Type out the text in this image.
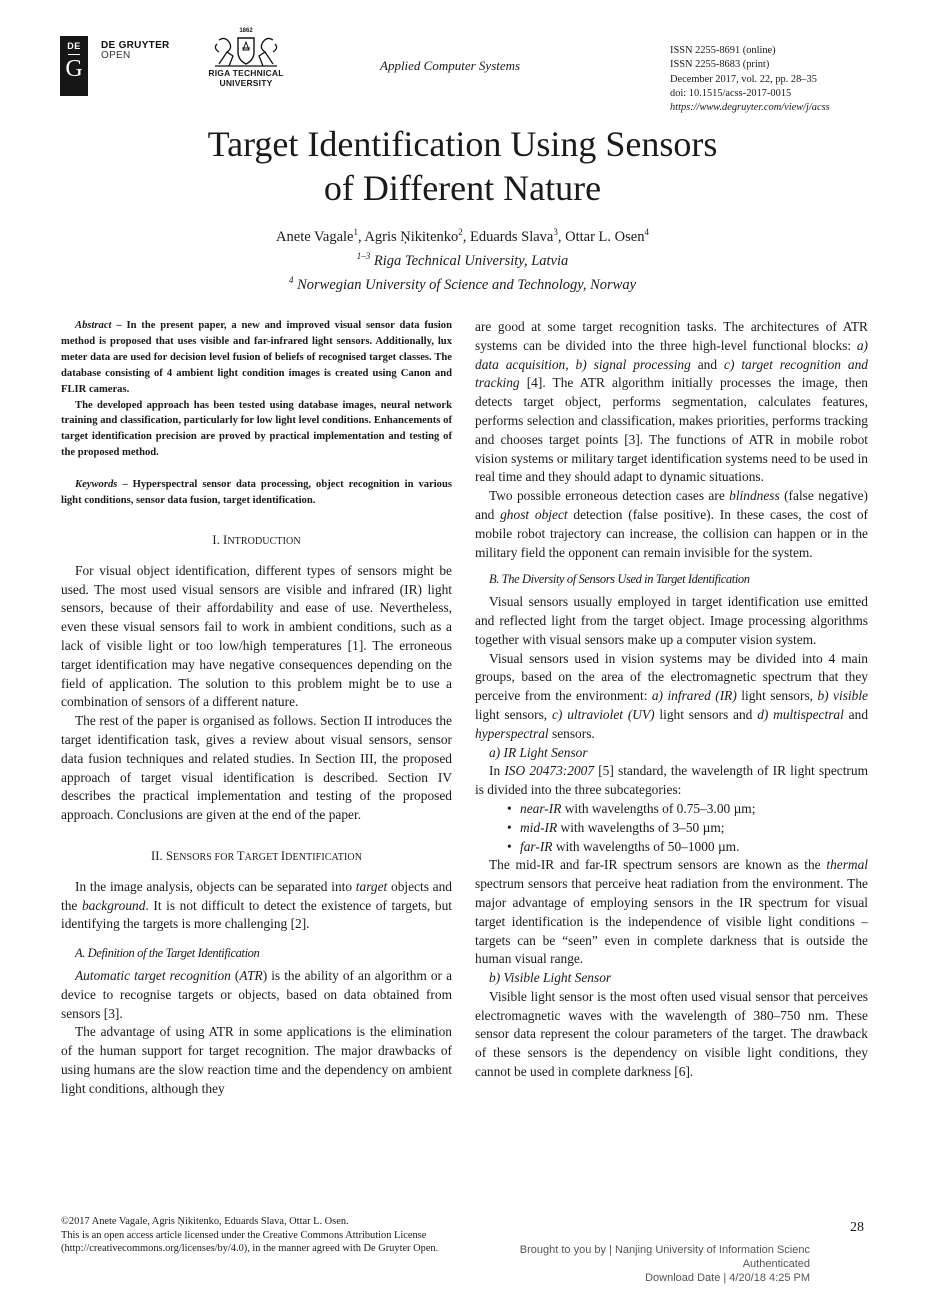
DE
G
DE GRUYTER
OPEN
1862
RIGA TECHNICAL
UNIVERSITY
Applied Computer Systems
ISSN 2255-8691 (online)
ISSN 2255-8683 (print)
December 2017, vol. 22, pp. 28–35
doi: 10.1515/acss-2017-0015
https://www.degruyter.com/view/j/acss
Target Identification Using Sensors
of Different Nature
Anete Vagale$^1$, Agris Ņikitenko$^2$, Eduards Slava$^3$, Ottar L. Osen$^4$
$^{1-3}$ Riga Technical University, Latvia
$^4$ Norwegian University of Science and Technology, Norway

Abstract – In the present paper, a new and improved visual sensor data fusion method is proposed that uses visible and far-infrared light sensors. Additionally, lux meter data are used for decision level fusion of beliefs of recognised target classes. The database consisting of 4 ambient light condition images is created using Canon and FLIR cameras.

The developed approach has been tested using database images, neural network training and classification, particularly for low light level conditions. Enhancements of target identification precision are proved by practical implementation and testing of the proposed method.

Keywords – Hyperspectral sensor data processing, object recognition in various light conditions, sensor data fusion, target identification.

I. INTRODUCTION

For visual object identification, different types of sensors might be used. The most used visual sensors are visible and infrared (IR) light sensors, because of their affordability and ease of use. Nevertheless, even these visual sensors fail to work in ambient conditions, such as a lack of visible light or too low/high temperatures [1]. The erroneous target identification may have negative consequences depending on the field of application. The solution to this problem might be to use a combination of sensors of a different nature.

The rest of the paper is organised as follows. Section II introduces the target identification task, gives a review about visual sensors, sensor data fusion techniques and related studies. In Section III, the proposed approach of target visual identification is described. Section IV describes the practical implementation and testing of the proposed approach. Conclusions are given at the end of the paper.

II. SENSORS FOR TARGET IDENTIFICATION

In the image analysis, objects can be separated into target objects and the background. It is not difficult to detect the existence of targets, but identifying the targets is more challenging [2].

A. Definition of the Target Identification

Automatic target recognition (ATR) is the ability of an algorithm or a device to recognise targets or objects, based on data obtained from sensors [3].

The advantage of using ATR in some applications is the elimination of the human support for target recognition. The major drawbacks of using humans are the slow reaction time and the dependency on ambient light conditions, although they

are good at some target recognition tasks. The architectures of ATR systems can be divided into the three high-level functional blocks: a) data acquisition, b) signal processing and c) target recognition and tracking [4]. The ATR algorithm initially processes the image, then detects target object, performs segmentation, calculates features, performs selection and classification, makes priorities, performs tracking and chooses target points [3]. The functions of ATR in mobile robot vision systems or military target identification systems need to be used in real time and they should adapt to dynamic situations.

Two possible erroneous detection cases are blindness (false negative) and ghost object detection (false positive). In these cases, the cost of mobile robot trajectory can increase, the collision can happen or in the military field the opponent can remain invisible for the system.

B. The Diversity of Sensors Used in Target Identification

Visual sensors usually employed in target identification use emitted and reflected light from the target object. Image processing algorithms together with visual sensors make up a computer vision system.

Visual sensors used in vision systems may be divided into 4 main groups, based on the area of the electromagnetic spectrum that they perceive from the environment: a) infrared (IR) light sensors, b) visible light sensors, c) ultraviolet (UV) light sensors and d) multispectral and hyperspectral sensors.

a) IR Light Sensor

In ISO 20473:2007 [5] standard, the wavelength of IR light spectrum is divided into the three subcategories:

• near-IR with wavelengths of 0.75–3.00 µm;
• mid-IR with wavelengths of 3–50 µm;
• far-IR with wavelengths of 50–1000 µm.

The mid-IR and far-IR spectrum sensors are known as the thermal spectrum sensors that perceive heat radiation from the environment. The major advantage of employing sensors in the IR spectrum for visual target identification is the independence of visible light conditions – targets can be “seen” even in complete darkness that is outside the human visual range.

b) Visible Light Sensor

Visible light sensor is the most often used visual sensor that perceives electromagnetic waves with the wavelength of 380–750 nm. These sensor data represent the colour parameters of the target. The drawback of these sensors is the dependency on visible light conditions, they cannot be used in complete darkness [6].

©2017 Anete Vagale, Agris Ņikitenko, Eduards Slava, Ottar L. Osen.
This is an open access article licensed under the Creative Commons Attribution License
(http://creativecommons.org/licenses/by/4.0), in the manner agreed with De Gruyter Open.
28
Brought to you by | Nanjing University of Information Scienc
Authenticated
Download Date | 4/20/18 4:25 PM
